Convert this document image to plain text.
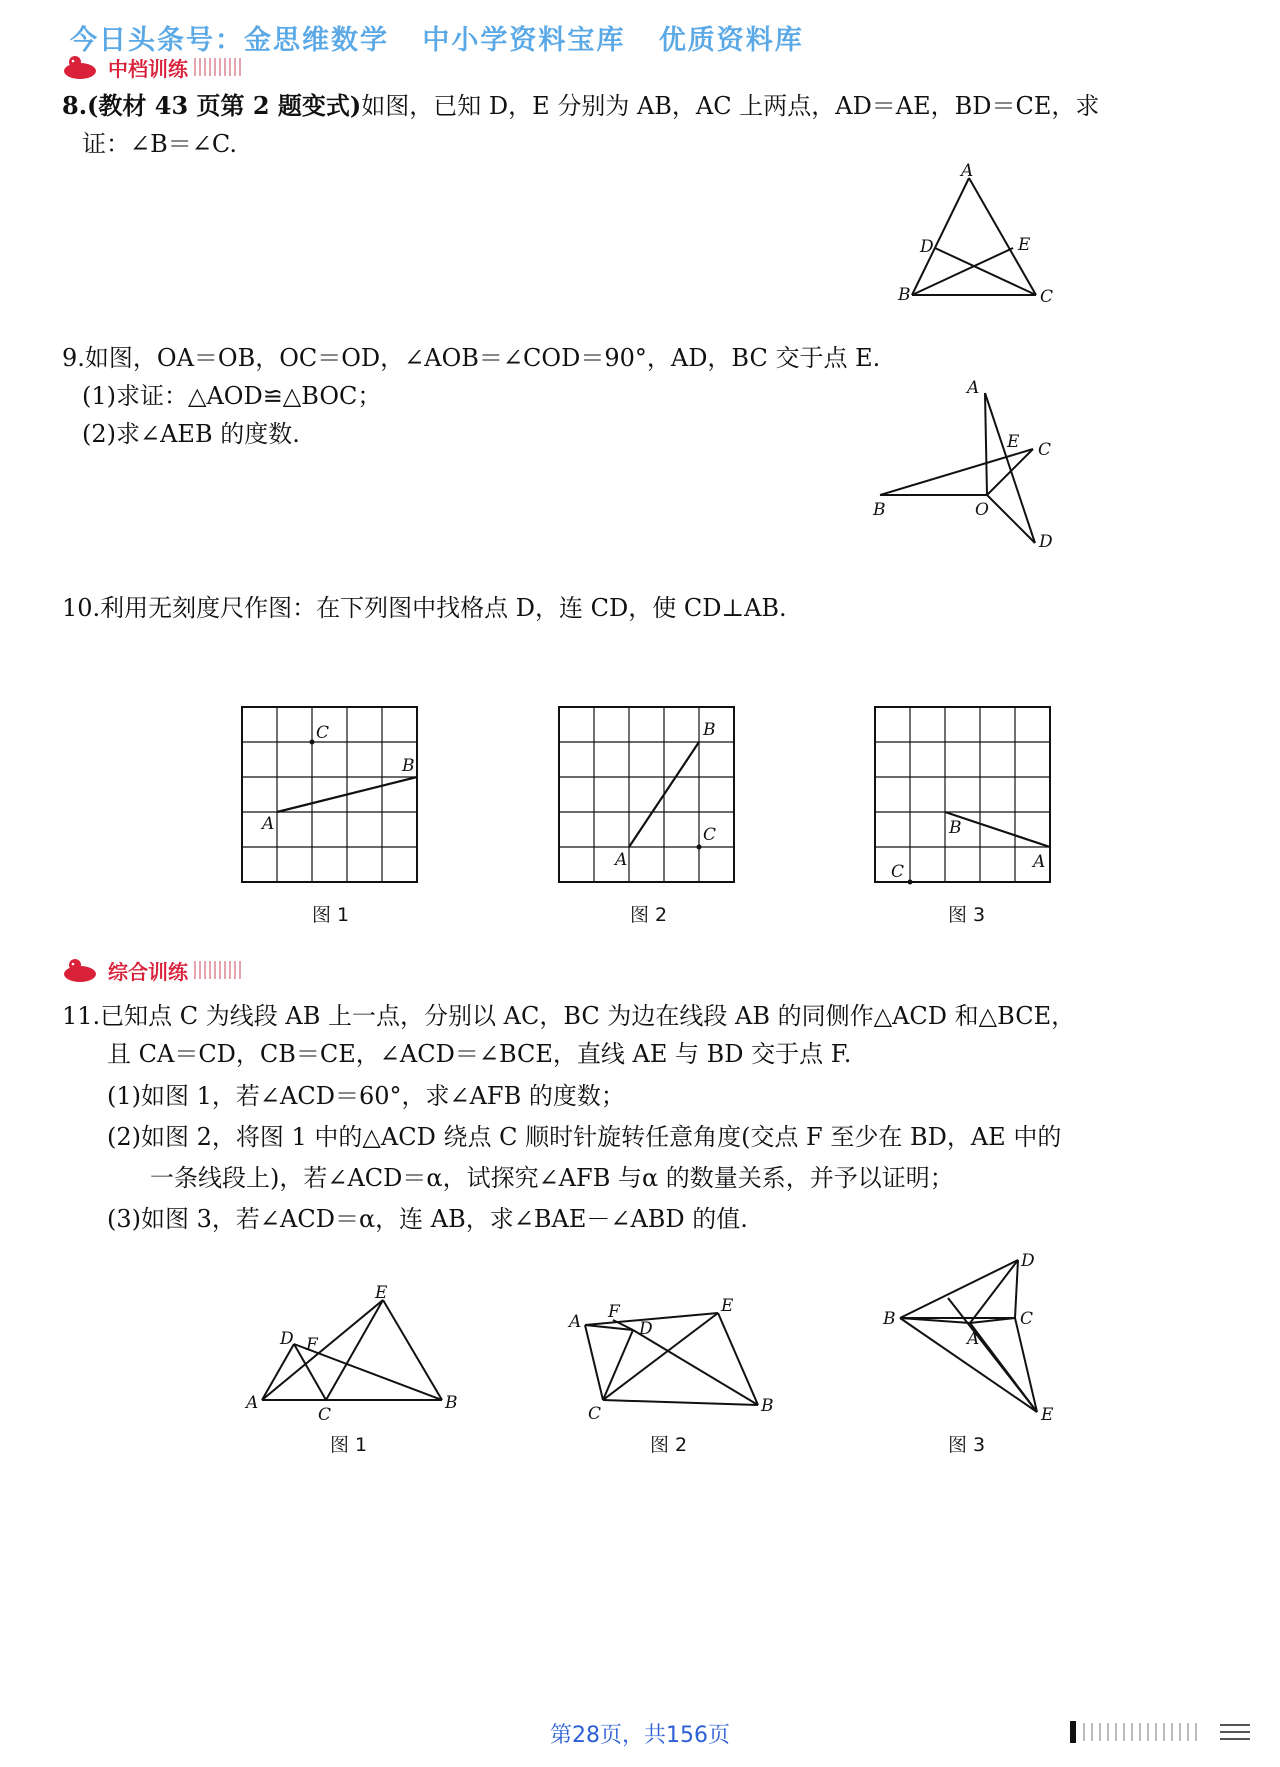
今日头条号：金思维数学 中小学资料宝库 优质资料库
中档训练
8.(教材 43 页第 2 题变式)如图，已知 D，E 分别为 AB，AC 上两点，AD＝AE，BD＝CE，求
证：∠B＝∠C.
A
D	E
B	C
9.如图，OA＝OB，OC＝OD，∠AOB＝∠COD＝90°，AD，BC 交于点 E.
(1)求证：△AOD≌△BOC；
(2)求∠AEB 的度数.
A
E C
B	O
D
10.利用无刻度尺作图：在下列图中找格点 D，连 CD，使 CD⊥AB.
C
B
A
图 1
B
C
A
图 2
B
A
C
图 3
综合训练
11.已知点 C 为线段 AB 上一点，分别以 AC，BC 为边在线段 AB 的同侧作△ACD 和△BCE，
且 CA＝CD，CB＝CE，∠ACD＝∠BCE，直线 AE 与 BD 交于点 F.
(1)如图 1，若∠ACD＝60°，求∠AFB 的度数；
(2)如图 2，将图 1 中的△ACD 绕点 C 顺时针旋转任意角度(交点 F 至少在 BD，AE 中的
一条线段上)，若∠ACD＝α，试探究∠AFB 与α 的数量关系，并予以证明；
(3)如图 3，若∠ACD＝α，连 AB，求∠BAE－∠ABD 的值.
E
D F
A
C
B
图 1
F
A	D
E
C	B
图 2
D
B	C
A
E
图 3
第28页，共156页
